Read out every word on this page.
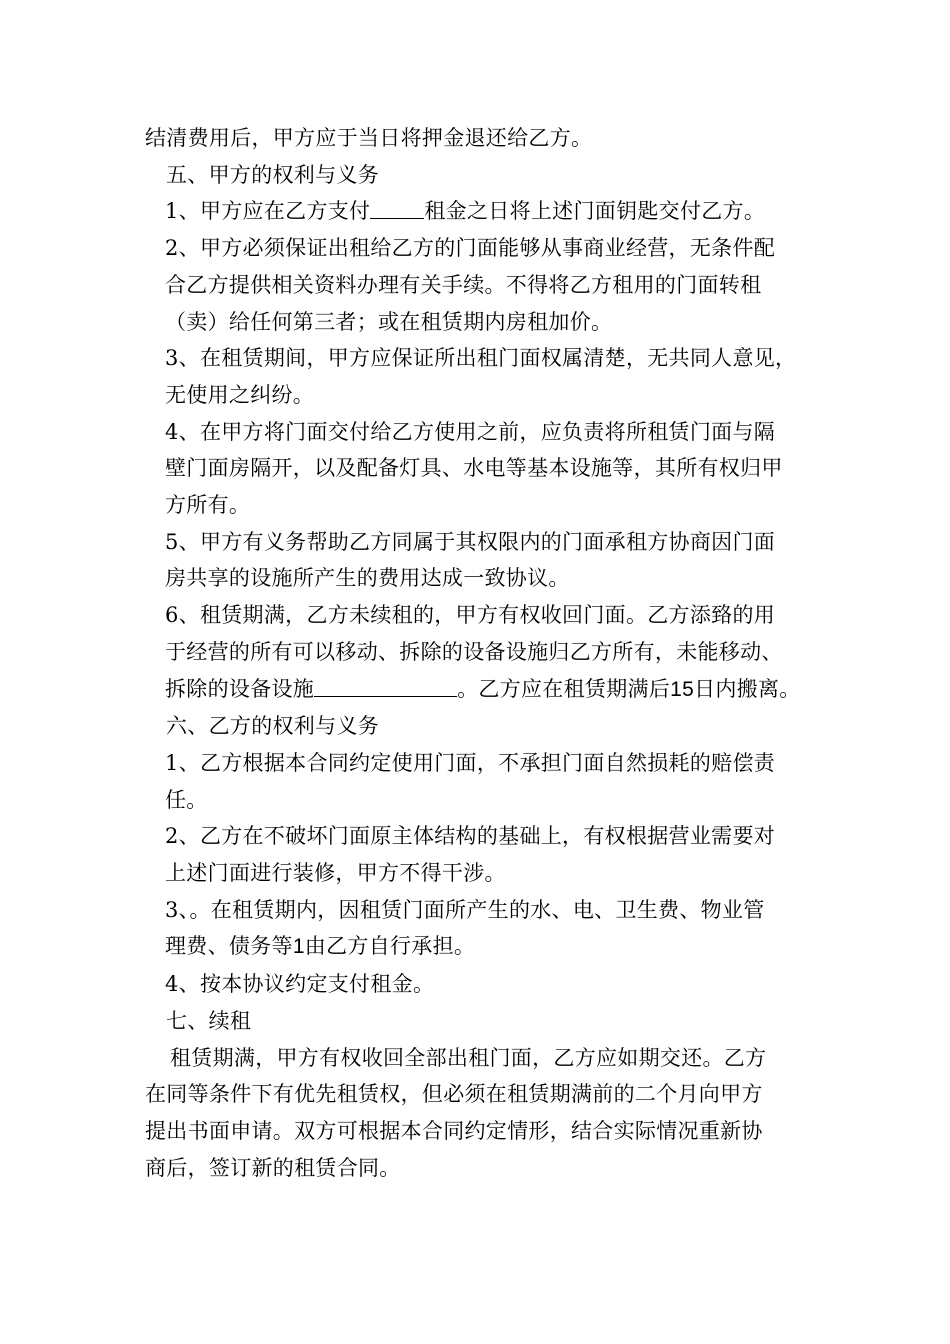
结清费用后，甲方应于当日将押金退还给乙方。

五、甲方的权利与义务

1、甲方应在乙方支付	租金之日将上述门面钥匙交付乙方。

2、甲方必须保证出租给乙方的门面能够从事商业经营，无条件配
合乙方提供相关资料办理有关手续。不得将乙方租用的门面转租
（卖）给任何第三者；或在租赁期内房租加价。

3、在租赁期间，甲方应保证所出租门面权属清楚，无共同人意见，
无使用之纠纷。

4、在甲方将门面交付给乙方使用之前，应负责将所租赁门面与隔
壁门面房隔开，以及配备灯具、水电等基本设施等，其所有权归甲
方所有。

5、甲方有义务帮助乙方同属于其权限内的门面承租方协商因门面
房共享的设施所产生的费用达成一致协议。

6、租赁期满，乙方未续租的，甲方有权收回门面。乙方添臵的用
于经营的所有可以移动、拆除的设备设施归乙方所有，未能移动、
拆除的设备设施	。乙方应在租赁期满后15日内搬离。

六、乙方的权利与义务

1、乙方根据本合同约定使用门面，不承担门面自然损耗的赔偿责
任。

2、乙方在不破坏门面原主体结构的基础上，有权根据营业需要对
上述门面进行装修，甲方不得干涉。

3、。在租赁期内，因租赁门面所产生的水、电、卫生费、物业管
理费、债务等1由乙方自行承担。

4、按本协议约定支付租金。

七、续租

租赁期满，甲方有权收回全部出租门面，乙方应如期交还。乙方
在同等条件下有优先租赁权，但必须在租赁期满前的二个月向甲方
提出书面申请。双方可根据本合同约定情形，结合实际情况重新协
商后，签订新的租赁合同。
